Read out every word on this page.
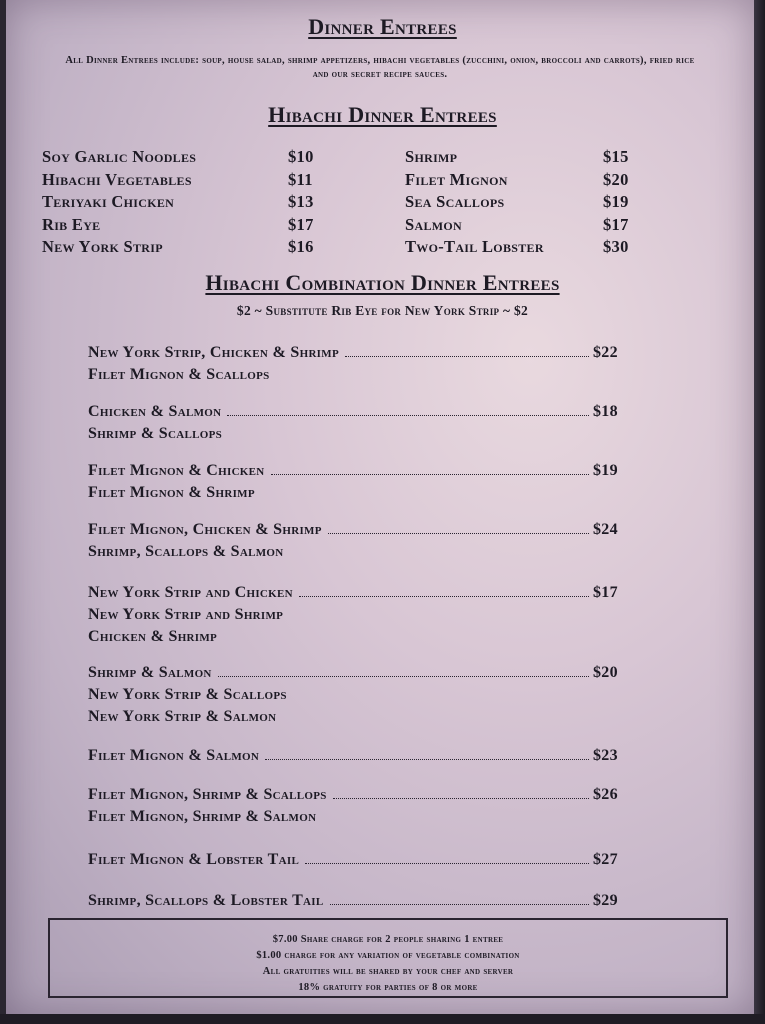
Dinner Entrees
All Dinner Entrees include: soup, house salad, shrimp appetizers, hibachi vegetables (zucchini, onion, broccoli and carrots), fried rice and our secret recipe sauces.
Hibachi Dinner Entrees
Soy Garlic Noodles	$10
Hibachi Vegetables	$11
Teriyaki Chicken	$13
Rib Eye	$17
New York Strip	$16
Shrimp	$15
Filet Mignon	$20
Sea Scallops	$19
Salmon	$17
Two-Tail Lobster	$30
Hibachi Combination Dinner Entrees
$2 ~ Substitute Rib Eye for New York Strip ~ $2
New York Strip, Chicken & Shrimp	$22
Filet Mignon & Scallops
Chicken & Salmon	$18
Shrimp & Scallops
Filet Mignon & Chicken	$19
Filet Mignon & Shrimp
Filet Mignon, Chicken & Shrimp	$24
Shrimp, Scallops & Salmon
New York Strip and Chicken	$17
New York Strip and Shrimp
Chicken & Shrimp
Shrimp & Salmon	$20
New York Strip & Scallops
New York Strip & Salmon
Filet Mignon & Salmon	$23
Filet Mignon, Shrimp & Scallops	$26
Filet Mignon, Shrimp & Salmon
Filet Mignon & Lobster Tail	$27
Shrimp, Scallops & Lobster Tail	$29
$7.00 Share charge for 2 people sharing 1 entree
$1.00 charge for any variation of vegetable combination
All gratuities will be shared by your chef and server
18% gratuity for parties of 8 or more
